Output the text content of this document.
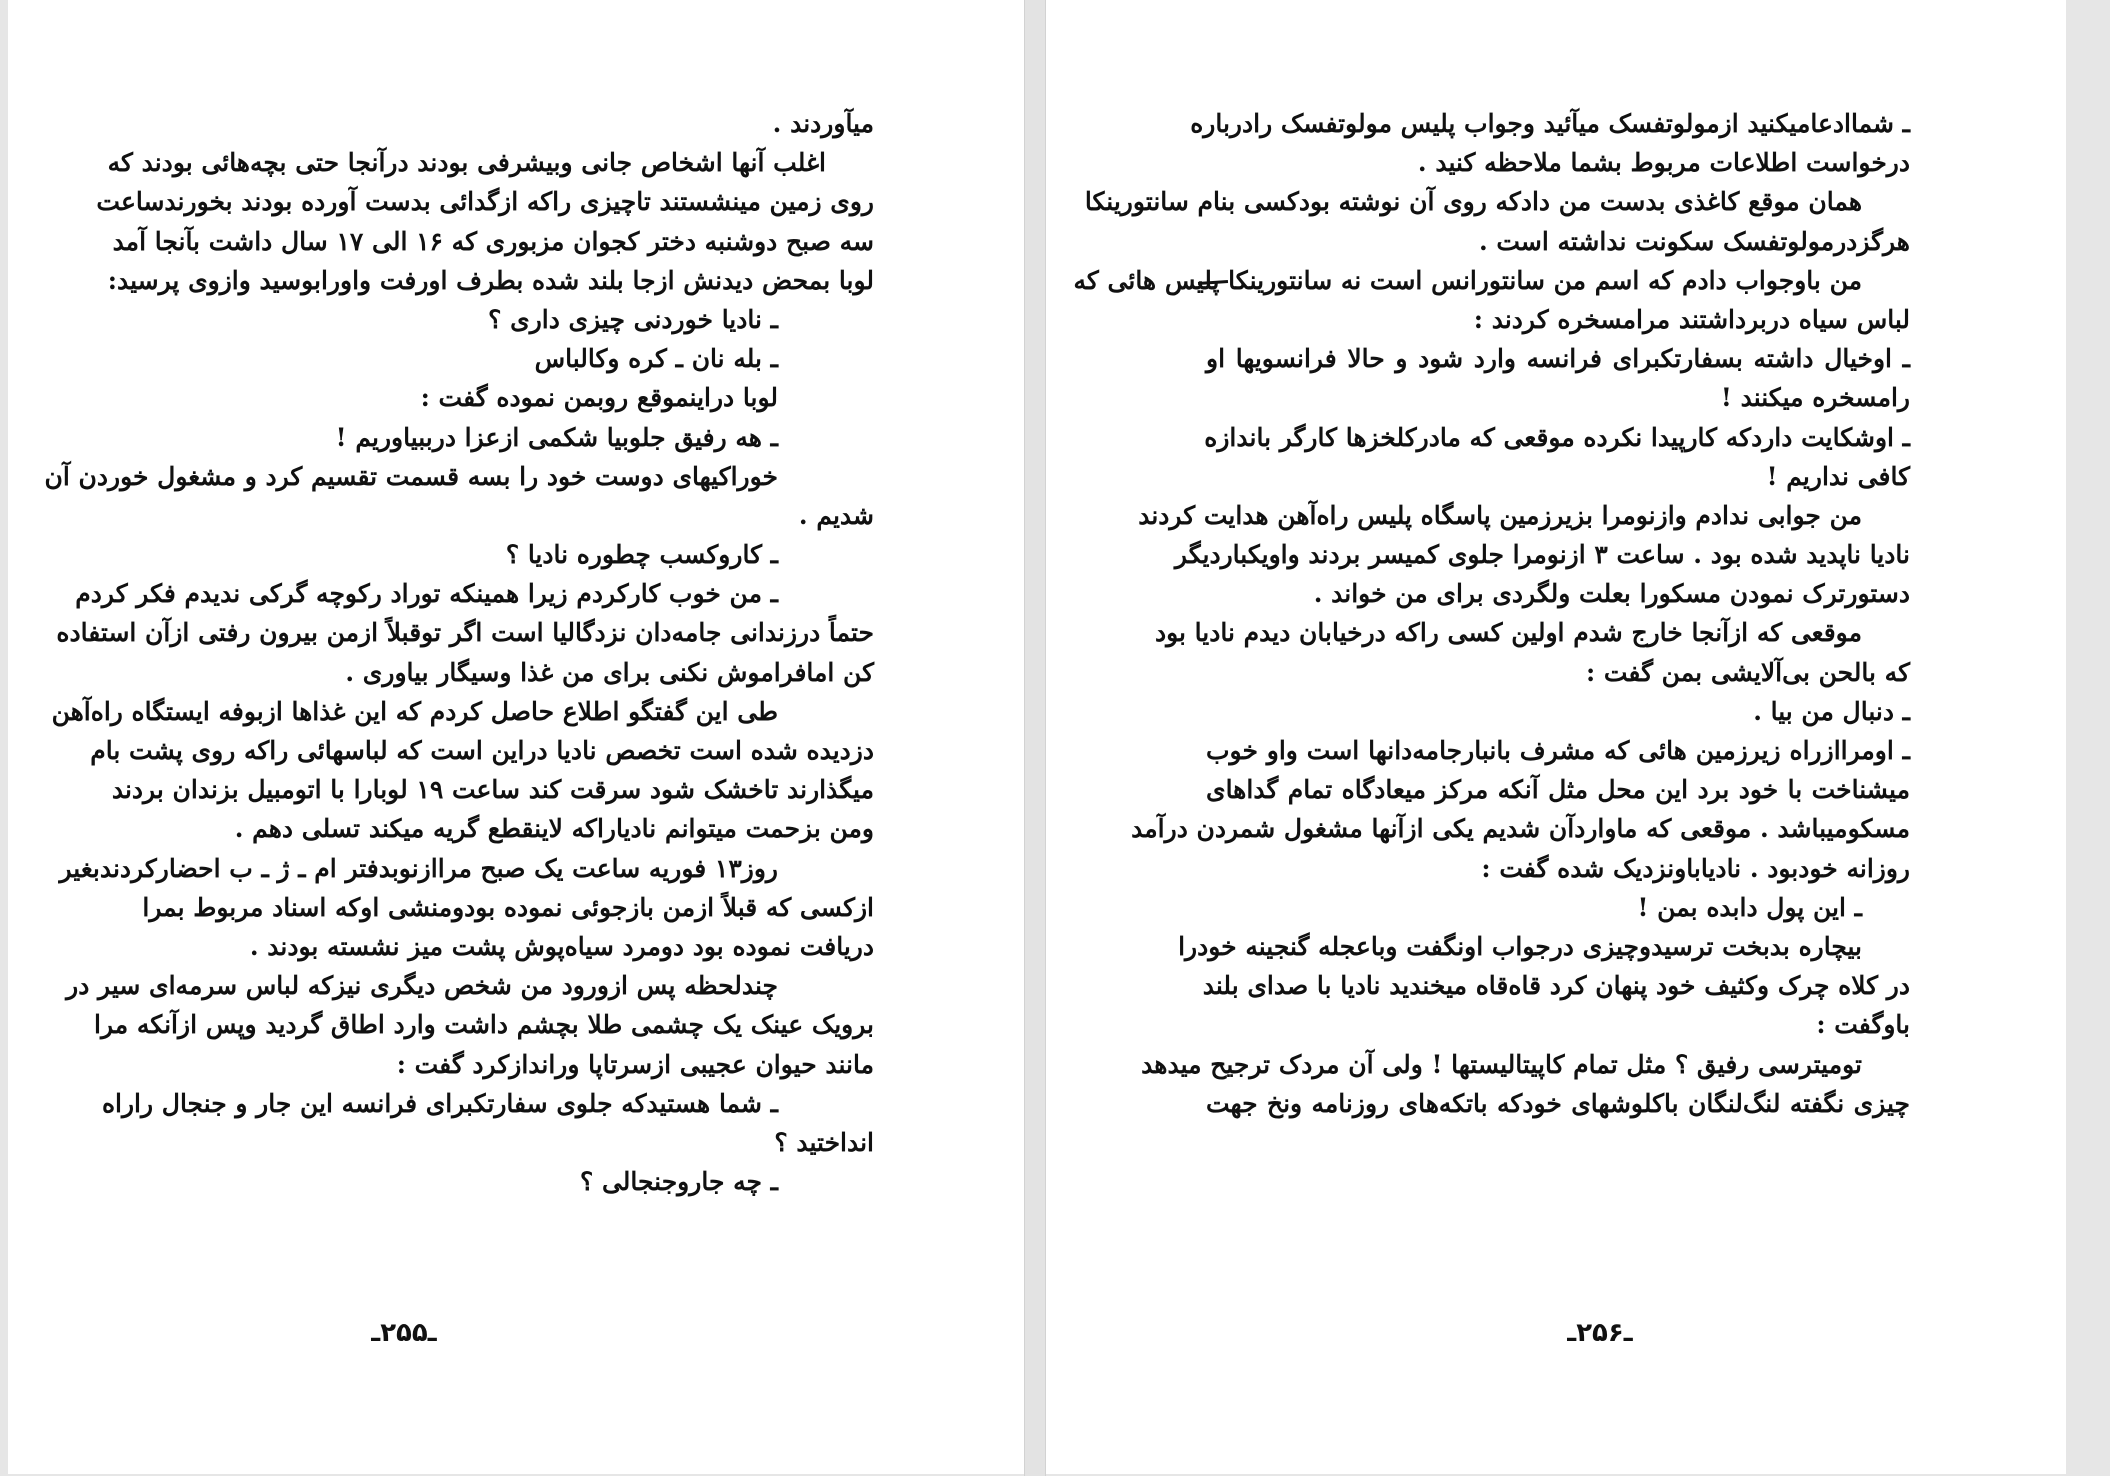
میآوردند .
اغلب آنها اشخاص جانی وبیشرفی بودند درآنجا حتی بچه‌هائی بودند که
روی زمین مینشستند تاچیزی راکه ازگدائی بدست آورده بودند بخورندساعت
سه صبح دوشنبه دختر کجوان مزبوری که ۱۶ الی ۱۷ سال داشت بآنجا آمد
لوبا بمحض دیدنش ازجا بلند شده بطرف اورفت واورابوسید وازوی پرسید:
ـ نادیا خوردنی چیزی داری ؟
ـ بله نان ـ کره وکالباس
لوبا دراینموقع روبمن نموده گفت :
ـ هه رفیق جلوبیا شکمی ازعزا درببیاوریم !
خوراکیهای دوست خود را بسه قسمت تقسیم کرد و مشغول خوردن آن
شدیم .
ـ کاروکسب چطوره نادیا ؟
ـ من خوب کارکردم زیرا همینکه توراد رکوچه گرکی ندیدم فکر کردم
حتماً درزندانی جامه‌دان نزدگالیا است اگر توقبلاً ازمن بیرون رفتی ازآن استفاده
کن امافراموش نکنی برای من غذا وسیگار بیاوری .
طی این گفتگو اطلاع حاصل کردم که این غذاها ازبوفه ایستگاه راه‌آهن
دزدیده شده است تخصص نادیا دراین است که لباسهائی راکه روی پشت بام
میگذارند تاخشک شود سرقت کند ساعت ۱۹ لوبارا با اتومبیل بزندان بردند
ومن بزحمت میتوانم نادیاراکه لاینقطع گریه میکند تسلی دهم .
روز۱۳ فوریه ساعت یک صبح مراازنوبدفتر ام ـ ژ ـ ب احضارکردندبغیر
ازکسی که قبلاً ازمن بازجوئی نموده بودومنشی اوکه اسناد مربوط بمرا
دریافت نموده بود دومرد سیاه‌پوش پشت میز نشسته بودند .
چندلحظه پس ازورود من شخص دیگری نیزکه لباس سرمه‌ای سیر در
برویک عینک یک چشمی طلا بچشم داشت وارد اطاق گردید وپس ازآنکه مرا
مانند حیوان عجیبی ازسرتاپا وراندازکرد گفت :
ـ شما هستیدکه جلوی سفارتکبرای فرانسه این جار و جنجال راراه
انداختید ؟
ـ چه جاروجنجالی ؟
ـ۲۵۵ـ
ـ شماادعامیکنید ازمولوتفسک میآئید وجواب پلیس مولوتفسک رادرباره
درخواست اطلاعات مربوط بشما ملاحظه کنید .
همان موقع کاغذی بدست من دادکه روی آن نوشته بودکسی بنام سانتورینکا
هرگزدرمولوتفسک سکونت نداشته است .
من باوجواب دادم که اسم من سانتورانس است نه سانتورینکا پلیس هائی که
لباس سیاه دربرداشتند مرامسخره کردند :
ـ اوخیال داشته بسفارتکبرای فرانسه وارد شود و حالا فرانسویها او
رامسخره میکنند !
ـ اوشکایت داردکه کارپیدا نکرده موقعی که مادرکلخزها کارگر باندازه
کافی نداریم !
من جوابی ندادم وازنومرا بزیرزمین پاسگاه پلیس راه‌آهن هدایت کردند
نادیا ناپدید شده بود . ساعت ۳ ازنومرا جلوی کمیسر بردند واویکباردیگر
دستورترک نمودن مسکورا بعلت ولگردی برای من خواند .
موقعی که ازآنجا خارج شدم اولین کسی راکه درخیابان دیدم نادیا بود
که بالحن بی‌آلایشی بمن گفت :
ـ دنبال من بیا .
ـ اومراازراه زیرزمین هائی که مشرف بانبارجامه‌دانها است واو خوب
میشناخت با خود برد این محل مثل آنکه مرکز میعادگاه تمام گداهای
مسکومیباشد . موقعی که ماواردآن شدیم یکی ازآنها مشغول شمردن درآمد
روزانه خودبود . نادیاباونزدیک شده گفت :
ـ این پول دابده بمن !
بیچاره بدبخت ترسیدوچیزی درجواب اونگفت وباعجله گنجینه خودرا
در کلاه چرک وکثیف خود پنهان کرد قاه‌قاه میخندید نادیا با صدای بلند
باوگفت :
تومیترسی رفیق ؟ مثل تمام کاپیتالیستها ! ولی آن مردک ترجیح میدهد
چیزی نگفته لنگ‌لنگان باکلوشهای خودکه باتکه‌های روزنامه ونخ جهت
ـ۲۵۶ـ
